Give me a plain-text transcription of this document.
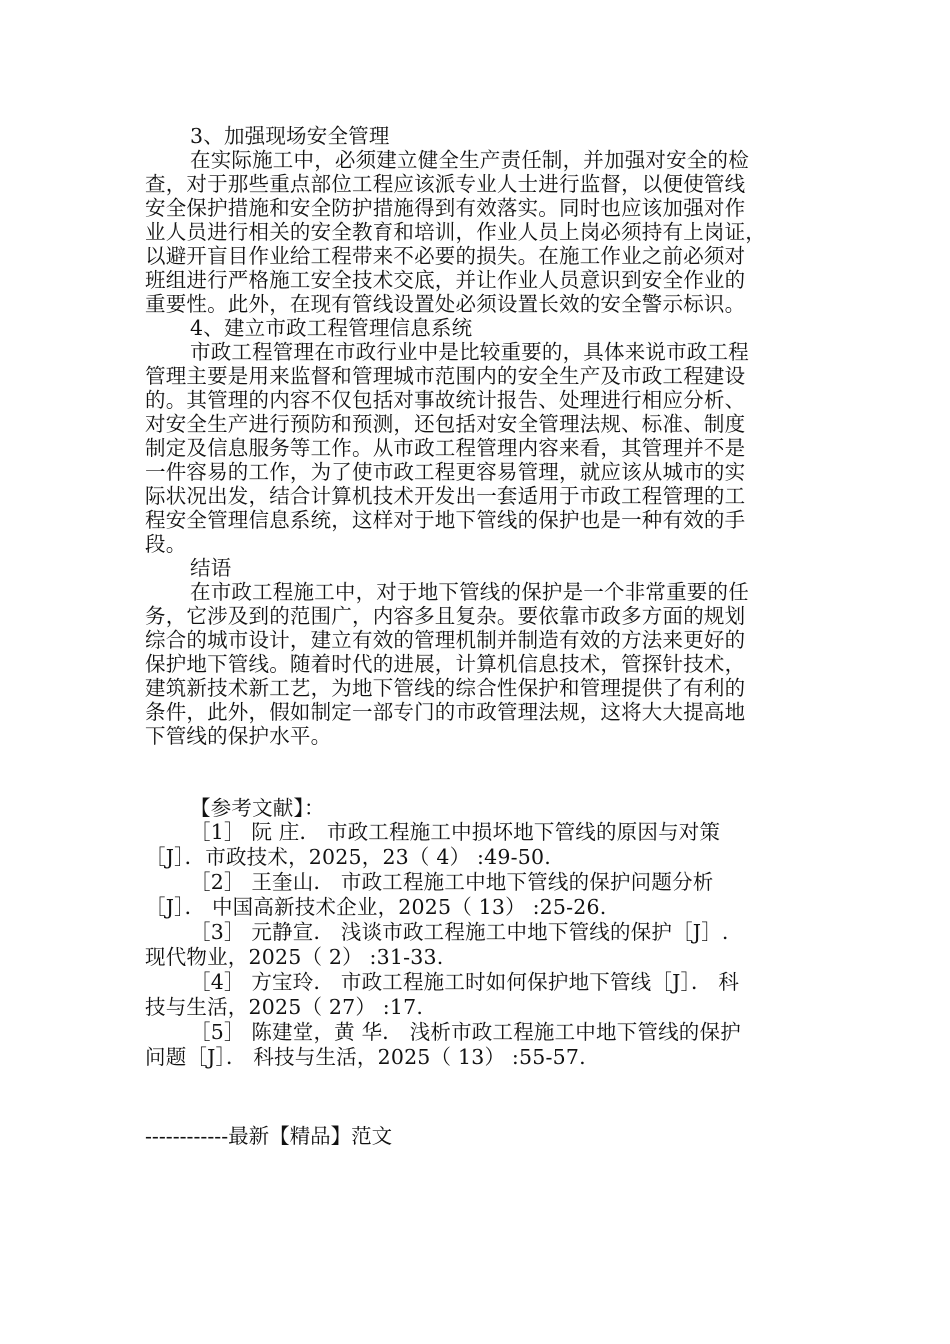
3、加强现场安全管理
在实际施工中，必须建立健全生产责任制，并加强对安全的检
查，对于那些重点部位工程应该派专业人士进行监督，以便使管线
安全保护措施和安全防护措施得到有效落实。同时也应该加强对作
业人员进行相关的安全教育和培训，作业人员上岗必须持有上岗证，
以避开盲目作业给工程带来不必要的损失。在施工作业之前必须对
班组进行严格施工安全技术交底，并让作业人员意识到安全作业的
重要性。此外，在现有管线设置处必须设置长效的安全警示标识。
4、建立市政工程管理信息系统
市政工程管理在市政行业中是比较重要的，具体来说市政工程
管理主要是用来监督和管理城市范围内的安全生产及市政工程建设
的。其管理的内容不仅包括对事故统计报告、处理进行相应分析、
对安全生产进行预防和预测，还包括对安全管理法规、标准、制度
制定及信息服务等工作。从市政工程管理内容来看，其管理并不是
一件容易的工作，为了使市政工程更容易管理，就应该从城市的实
际状况出发，结合计算机技术开发出一套适用于市政工程管理的工
程安全管理信息系统，这样对于地下管线的保护也是一种有效的手
段。
结语
在市政工程施工中，对于地下管线的保护是一个非常重要的任
务，它涉及到的范围广，内容多且复杂。要依靠市政多方面的规划
综合的城市设计，建立有效的管理机制并制造有效的方法来更好的
保护地下管线。随着时代的进展，计算机信息技术，管探针技术，
建筑新技术新工艺，为地下管线的综合性保护和管理提供了有利的
条件，此外，假如制定一部专门的市政管理法规，这将大大提高地
下管线的保护水平。
【参考文献】：
［1］ 阮 庄． 市政工程施工中损坏地下管线的原因与对策
［J］．市政技术，2025，23（ 4） :49-50.
［2］ 王奎山． 市政工程施工中地下管线的保护问题分析
［J］． 中国高新技术企业，2025（ 13） :25-26.
［3］ 元静宣． 浅谈市政工程施工中地下管线的保护［J］.
现代物业，2025（ 2） :31-33.
［4］ 方宝玲． 市政工程施工时如何保护地下管线［J］． 科
技与生活，2025（ 27） :17.
［5］ 陈建堂，黄 华． 浅析市政工程施工中地下管线的保护
问题［J］． 科技与生活，2025（ 13） :55-57.
------------最新【精品】范文
